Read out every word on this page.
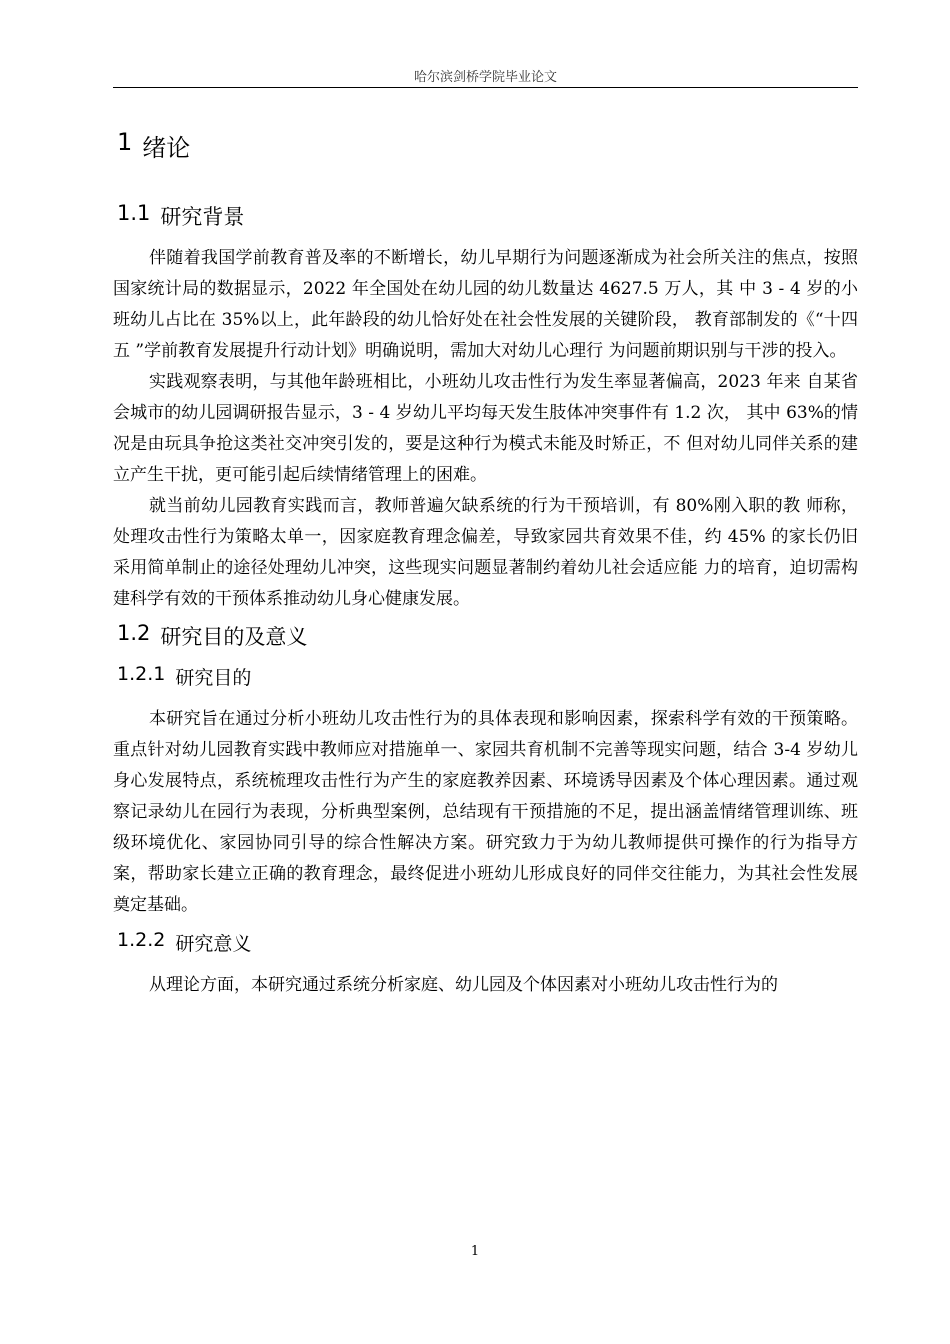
哈尔滨剑桥学院毕业论文
1 绪论
1.1 研究背景

伴随着我国学前教育普及率的不断增长，幼儿早期行为问题逐渐成为社会所关注的焦点，按照国家统计局的数据显示，2022 年全国处在幼儿园的幼儿数量达 4627.5 万人，其 中 3 - 4 岁的小班幼儿占比在 35%以上，此年龄段的幼儿恰好处在社会性发展的关键阶段， 教育部制发的《“十四五 ”学前教育发展提升行动计划》明确说明，需加大对幼儿心理行 为问题前期识别与干涉的投入。

实践观察表明，与其他年龄班相比，小班幼儿攻击性行为发生率显著偏高，2023 年来 自某省会城市的幼儿园调研报告显示，3 - 4 岁幼儿平均每天发生肢体冲突事件有 1.2 次， 其中 63%的情况是由玩具争抢这类社交冲突引发的，要是这种行为模式未能及时矫正，不 但对幼儿同伴关系的建立产生干扰，更可能引起后续情绪管理上的困难。

就当前幼儿园教育实践而言，教师普遍欠缺系统的行为干预培训，有 80%刚入职的教 师称，处理攻击性行为策略太单一，因家庭教育理念偏差，导致家园共育效果不佳，约 45% 的家长仍旧采用简单制止的途径处理幼儿冲突，这些现实问题显著制约着幼儿社会适应能 力的培育，迫切需构建科学有效的干预体系推动幼儿身心健康发展。

1.2 研究目的及意义
1.2.1 研究目的

本研究旨在通过分析小班幼儿攻击性行为的具体表现和影响因素，探索科学有效的干预策略。重点针对幼儿园教育实践中教师应对措施单一、家园共育机制不完善等现实问题，结合 3-4 岁幼儿身心发展特点，系统梳理攻击性行为产生的家庭教养因素、环境诱导因素及个体心理因素。通过观察记录幼儿在园行为表现，分析典型案例，总结现有干预措施的不足，提出涵盖情绪管理训练、班级环境优化、家园协同引导的综合性解决方案。研究致力于为幼儿教师提供可操作的行为指导方案，帮助家长建立正确的教育理念，最终促进小班幼儿形成良好的同伴交往能力，为其社会性发展奠定基础。

1.2.2 研究意义

从理论方面，本研究通过系统分析家庭、幼儿园及个体因素对小班幼儿攻击性行为的

1
